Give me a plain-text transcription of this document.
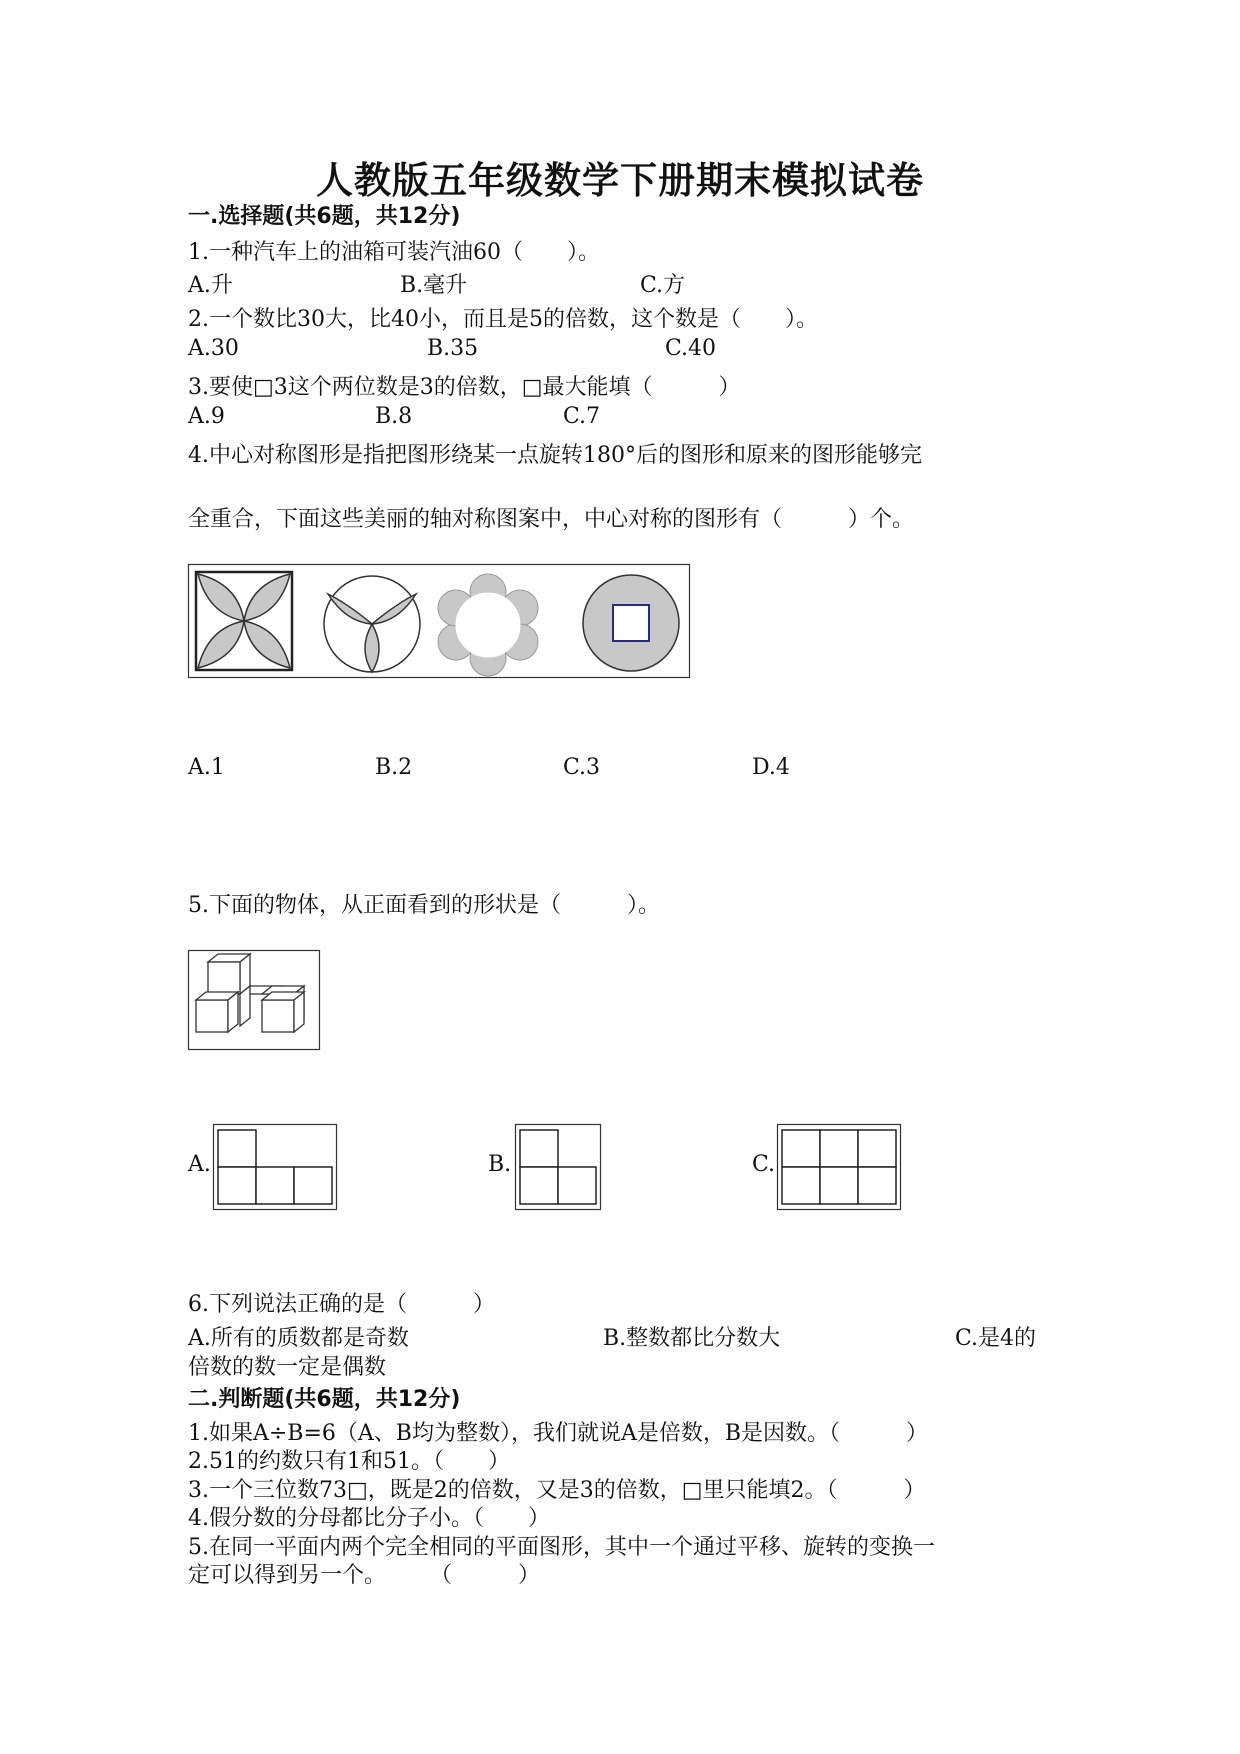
人教版五年级数学下册期末模拟试卷
一.选择题(共6题，共12分)
1.一种汽车上的油箱可装汽油60（　　）。
A.升	B.毫升	C.方
2.一个数比30大，比40小，而且是5的倍数，这个数是（　　）。
A.30	B.35	C.40
3.要使□3这个两位数是3的倍数，□最大能填（　　　）
A.9	B.8	C.7
4.中心对称图形是指把图形绕某一点旋转180°后的图形和原来的图形能够完
全重合，下面这些美丽的轴对称图案中，中心对称的图形有（　　　）个。
A.1	B.2	C.3	D.4
5.下面的物体，从正面看到的形状是（　　　）。
A.	B.	C.
6.下列说法正确的是（　　　）
A.所有的质数都是奇数	B.整数都比分数大	C.是4的
倍数的数一定是偶数
二.判断题(共6题，共12分)
1.如果A÷B=6（A、B均为整数），我们就说A是倍数，B是因数。（　　　）
2.51的约数只有1和51。（　　）
3.一个三位数73□，既是2的倍数，又是3的倍数，□里只能填2。（　　　）
4.假分数的分母都比分子小。（　　）
5.在同一平面内两个完全相同的平面图形，其中一个通过平移、旋转的变换一
定可以得到另一个。　　　（　　　）
